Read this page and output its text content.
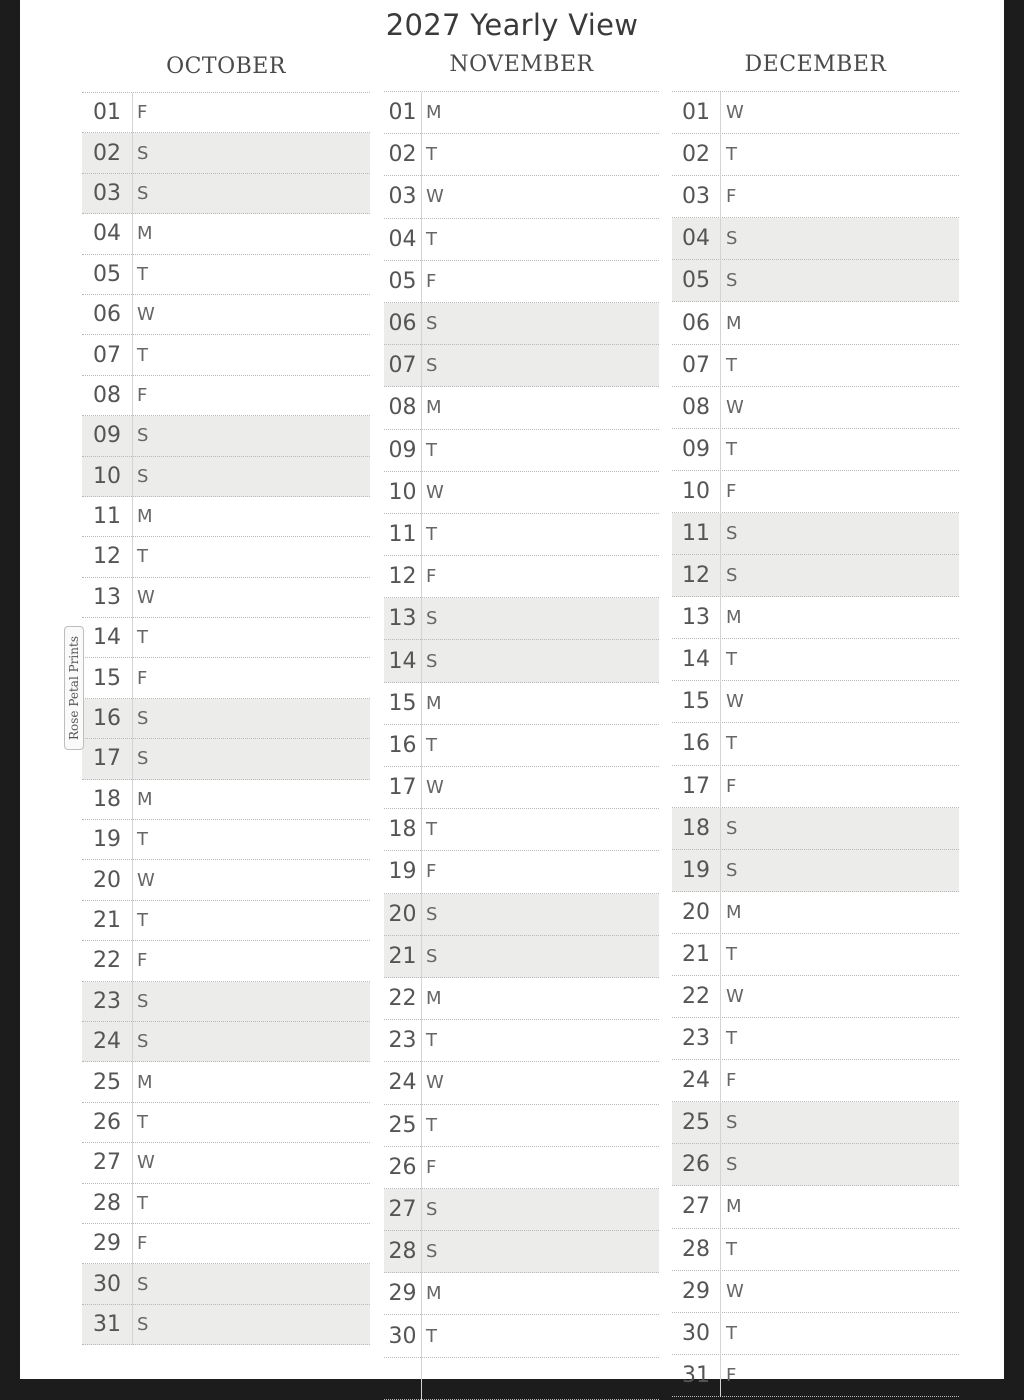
2027 Yearly View
OCTOBER
01 F
02 S
03 S
04 M
05 T
06 W
07 T
08 F
09 S
10 S
11 M
12 T
13 W
14 T
15 F
16 S
17 S
18 M
19 T
20 W
21 T
22 F
23 S
24 S
25 M
26 T
27 W
28 T
29 F
30 S
31 S
NOVEMBER
01 M
02 T
03 W
04 T
05 F
06 S
07 S
08 M
09 T
10 W
11 T
12 F
13 S
14 S
15 M
16 T
17 W
18 T
19 F
20 S
21 S
22 M
23 T
24 W
25 T
26 F
27 S
28 S
29 M
30 T
DECEMBER
01 W
02 T
03 F
04 S
05 S
06 M
07 T
08 W
09 T
10 F
11 S
12 S
13 M
14 T
15 W
16 T
17 F
18 S
19 S
20 M
21 T
22 W
23 T
24 F
25 S
26 S
27 M
28 T
29 W
30 T
31 F
Rose Petal Prints
